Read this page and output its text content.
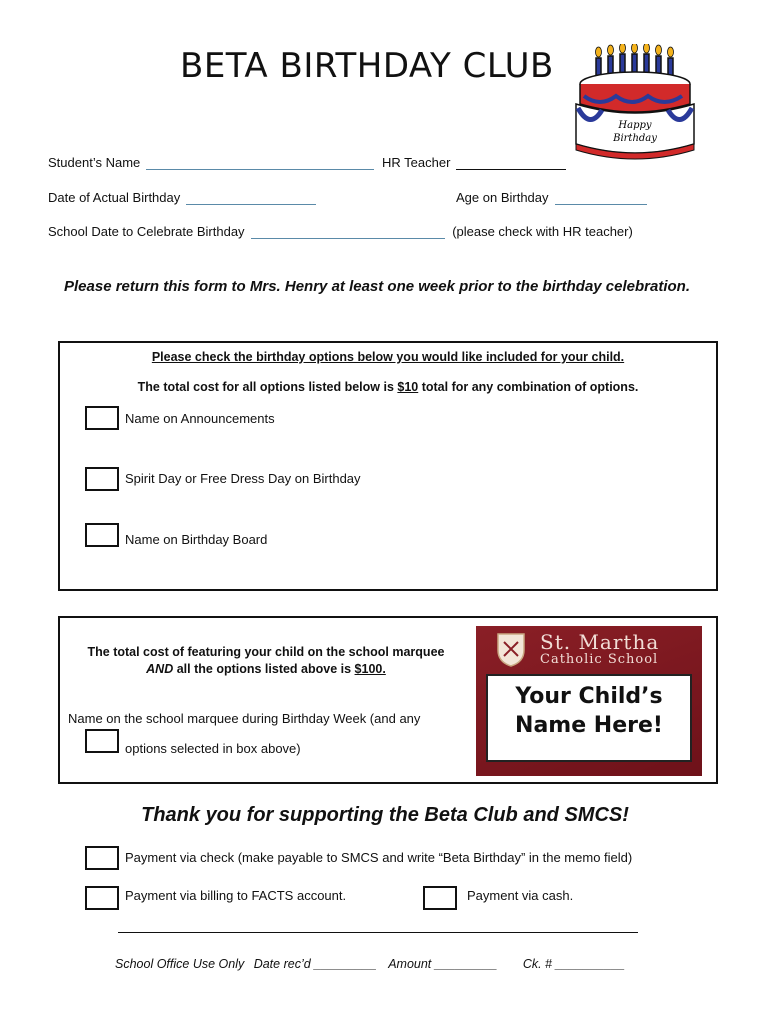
BETA BIRTHDAY CLUB
Happy
Birthday
Student’s Name	HR Teacher
Date of Actual Birthday	Age on Birthday
School Date to Celebrate Birthday	(please check with HR teacher)
Please return this form to Mrs. Henry at least one week prior to the birthday celebration.
Please check the birthday options below you would like included for your child.
The total cost for all options listed below is $10 total for any combination of options.
Name on Announcements
Spirit Day or Free Dress Day on Birthday
Name on Birthday Board
The total cost of featuring your child on the school marquee
AND all the options listed above is $100.
Name on the school marquee during Birthday Week (and any
options selected in box above)
St. Martha
Catholic School
Your Child’s
Name Here!
Thank you for supporting the Beta Club and SMCS!
Payment via check (make payable to SMCS and write “Beta Birthday” in the memo field)
Payment via billing to FACTS account.	Payment via cash.
School Office Use Only Date rec’d _________ Amount _________ Ck. # __________
